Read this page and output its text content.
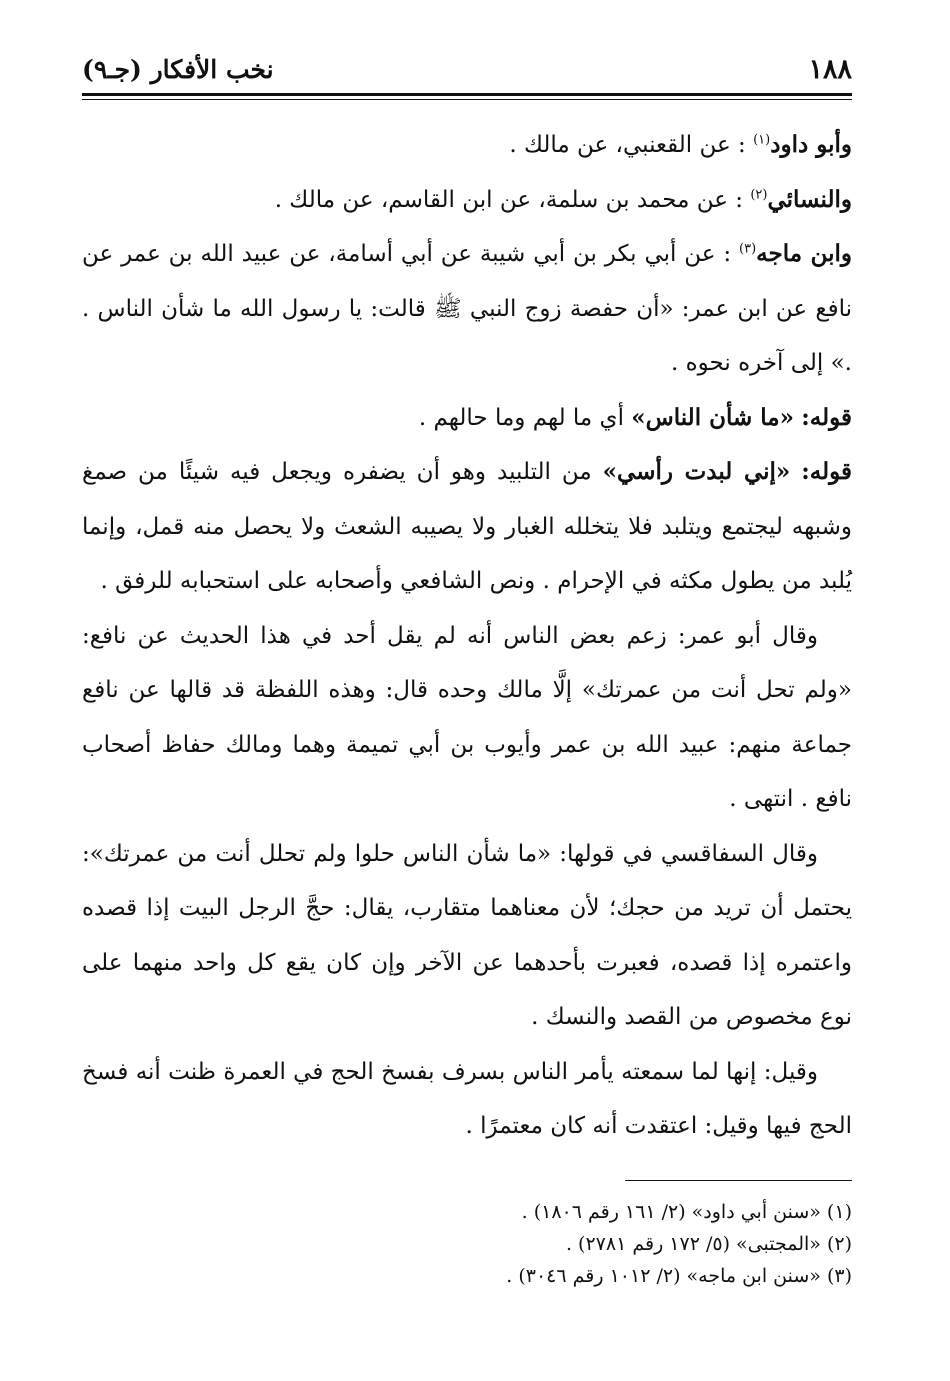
١٨٨
نخب الأفكار (جـ٩)

وأبو داود$^{(١)}$ : عن القعنبي، عن مالك .

والنسائي$^{(٢)}$ : عن محمد بن سلمة، عن ابن القاسم، عن مالك .

وابن ماجه$^{(٣)}$ : عن أبي بكر بن أبي شيبة عن أبي أسامة، عن عبيد الله بن عمر عن نافع عن ابن عمر: «أن حفصة زوج النبي ﷺ قالت: يا رسول الله ما شأن الناس . .» إلى آخره نحوه .

قوله: «ما شأن الناس» أي ما لهم وما حالهم .

قوله: «إني لبدت رأسي» من التلبيد وهو أن يضفره ويجعل فيه شيئًا من صمغ وشبهه ليجتمع ويتلبد فلا يتخلله الغبار ولا يصيبه الشعث ولا يحصل منه قمل، وإنما يُلبد من يطول مكثه في الإحرام . ونص الشافعي وأصحابه على استحبابه للرفق .

وقال أبو عمر: زعم بعض الناس أنه لم يقل أحد في هذا الحديث عن نافع: «ولم تحل أنت من عمرتك» إلَّا مالك وحده قال: وهذه اللفظة قد قالها عن نافع جماعة منهم: عبيد الله بن عمر وأيوب بن أبي تميمة وهما ومالك حفاظ أصحاب نافع . انتهى .

وقال السفاقسي في قولها: «ما شأن الناس حلوا ولم تحلل أنت من عمرتك»: يحتمل أن تريد من حجك؛ لأن معناهما متقارب، يقال: حجَّ الرجل البيت إذا قصده واعتمره إذا قصده، فعبرت بأحدهما عن الآخر وإن كان يقع كل واحد منهما على نوع مخصوص من القصد والنسك .

وقيل: إنها لما سمعته يأمر الناس بسرف بفسخ الحج في العمرة ظنت أنه فسخ الحج فيها وقيل: اعتقدت أنه كان معتمرًا .

(١) «سنن أبي داود» (٢/ ١٦١ رقم ١٨٠٦) .
(٢) «المجتبى» (٥/ ١٧٢ رقم ٢٧٨١) .
(٣) «سنن ابن ماجه» (٢/ ١٠١٢ رقم ٣٠٤٦) .
